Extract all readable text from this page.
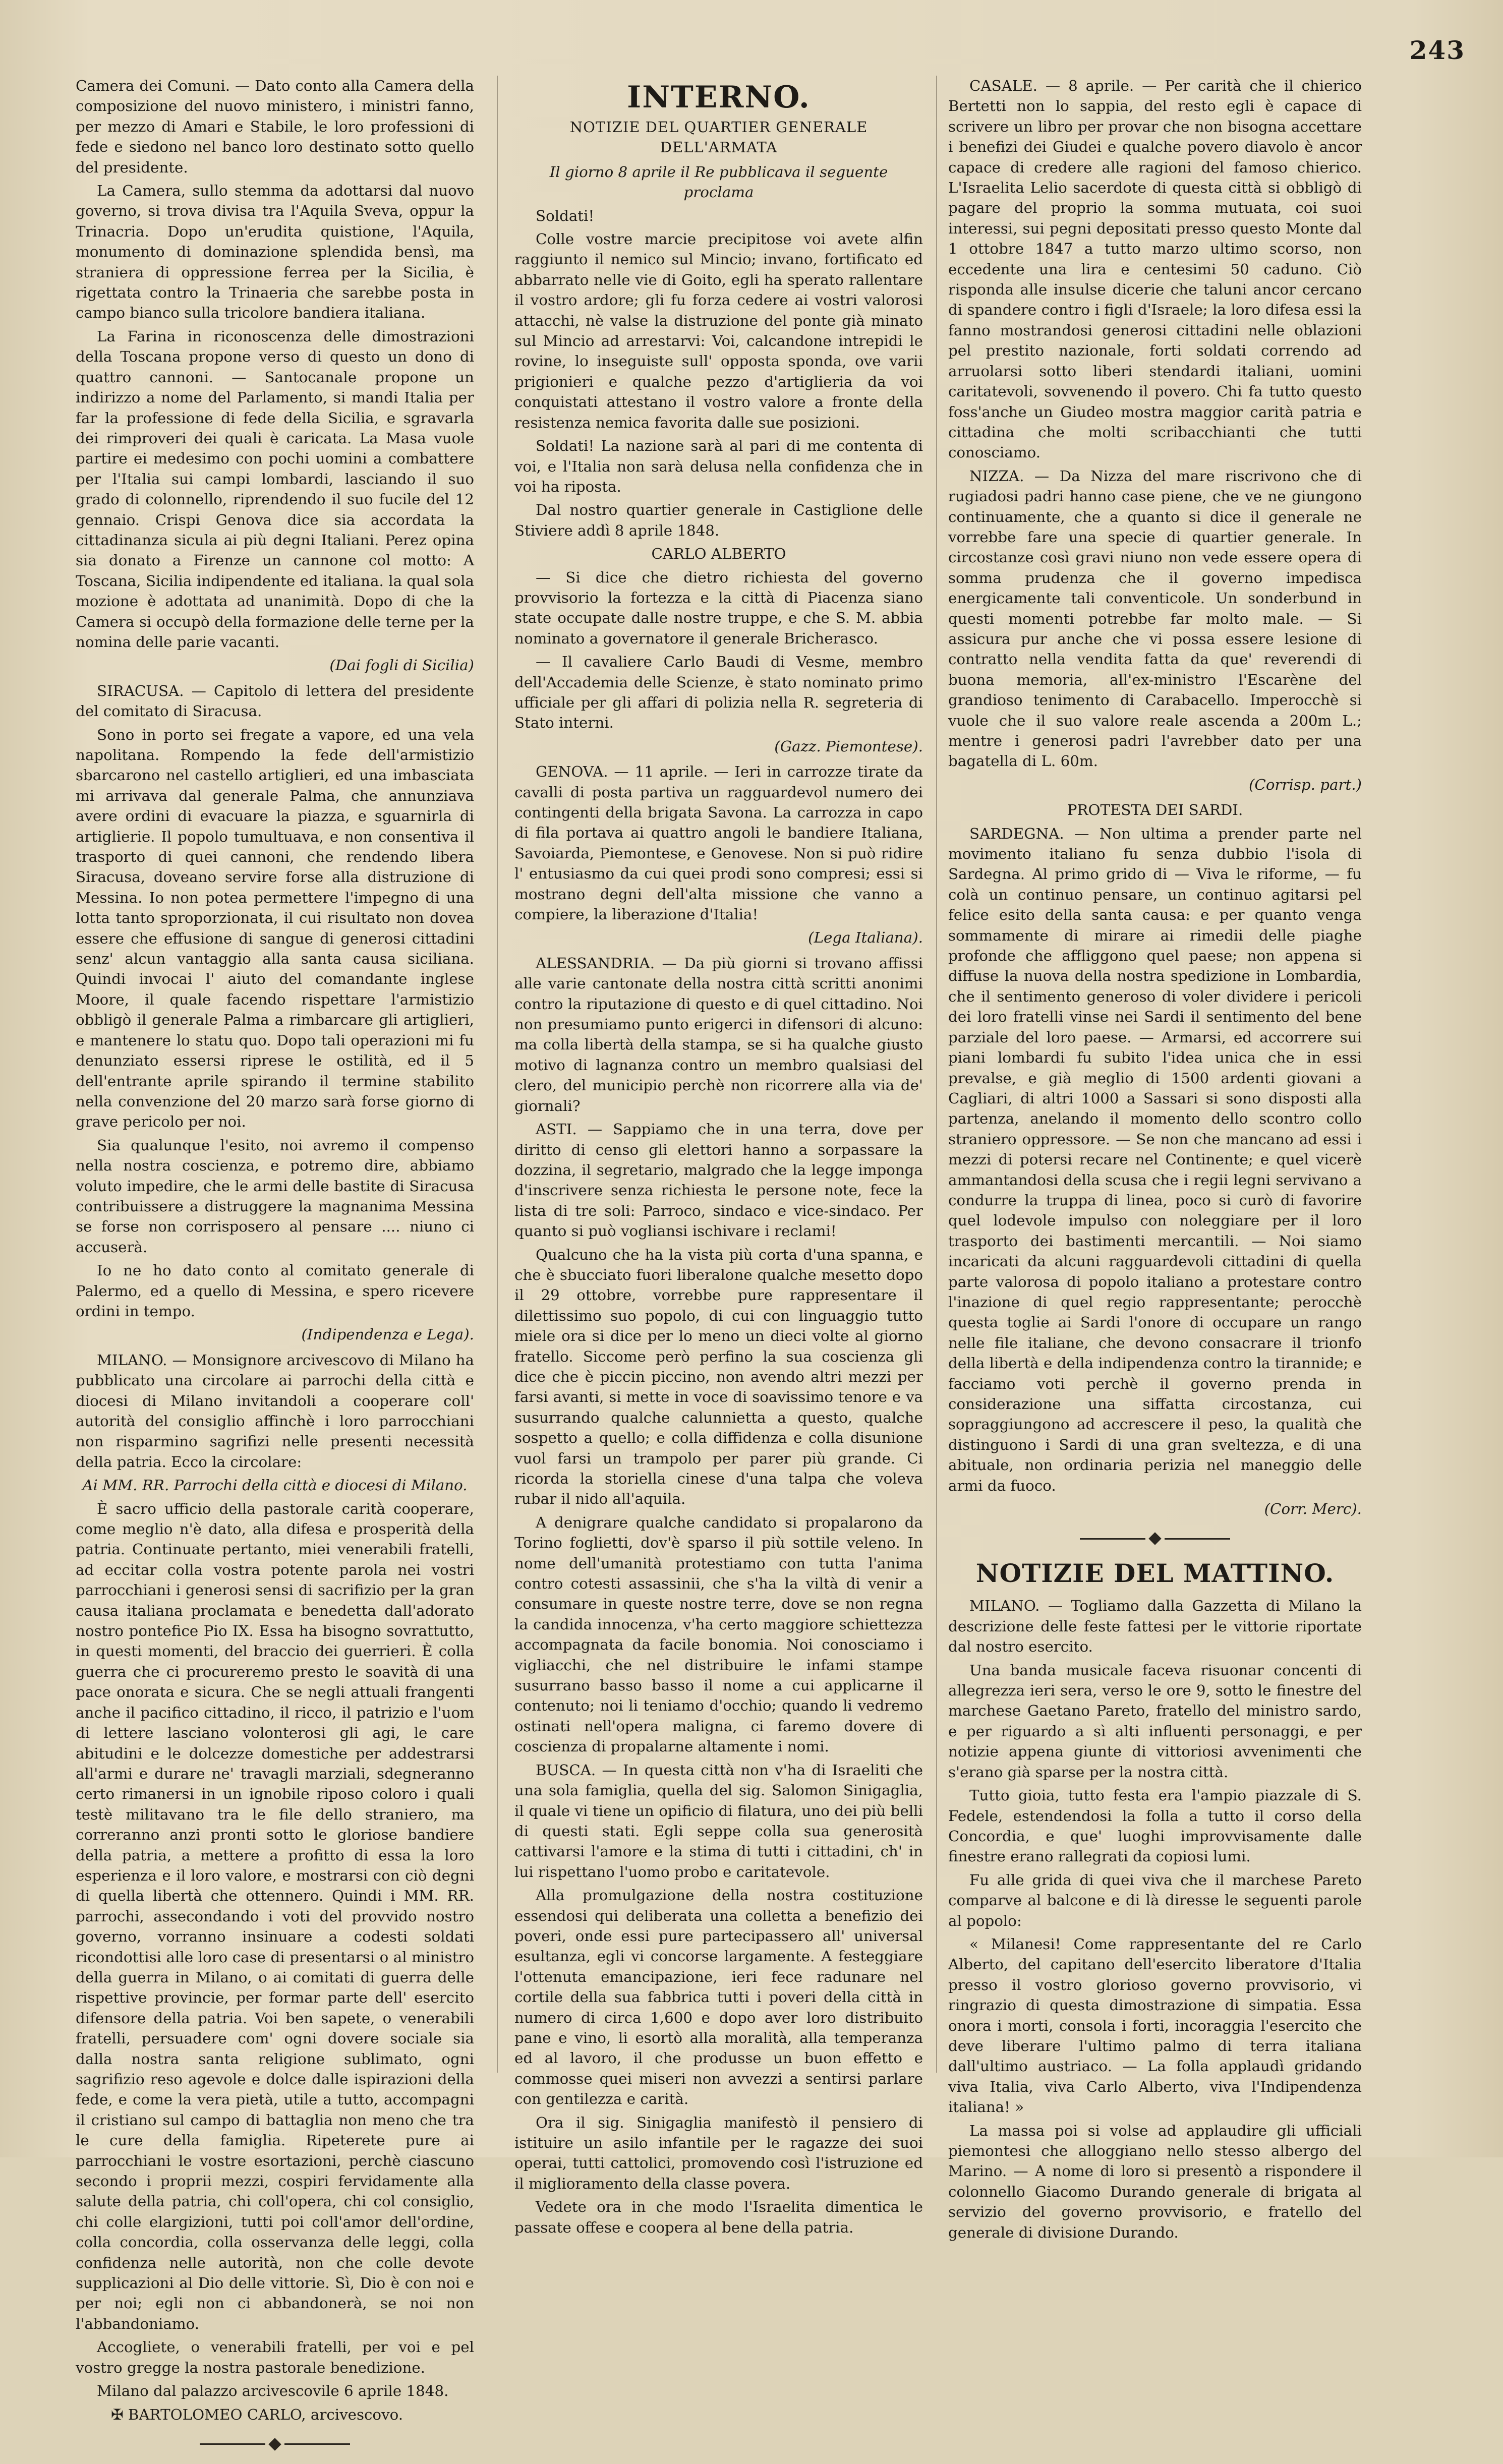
243

Camera dei Comuni. — Dato conto alla Camera della composizione del nuovo ministero, i ministri fanno, per mezzo di Amari e Stabile, le loro professioni di fede e siedono nel banco loro destinato sotto quello del presidente.

La Camera, sullo stemma da adottarsi dal nuovo governo, si trova divisa tra l'Aquila Sveva, oppur la Trinacria. Dopo un'erudita quistione, l'Aquila, monumento di dominazione splendida bensì, ma straniera di oppressione ferrea per la Sicilia, è rigettata contro la Trinaeria che sarebbe posta in campo bianco sulla tricolore bandiera italiana.

La Farina in riconoscenza delle dimostrazioni della Toscana propone verso di questo un dono di quattro cannoni. — Santocanale propone un indirizzo a nome del Parlamento, si mandi Italia per far la professione di fede della Sicilia, e sgravarla dei rimproveri dei quali è caricata. La Masa vuole partire ei medesimo con pochi uomini a combattere per l'Italia sui campi lombardi, lasciando il suo grado di colonnello, riprendendo il suo fucile del 12 gennaio. Crispi Genova dice sia accordata la cittadinanza sicula ai più degni Italiani. Perez opina sia donato a Firenze un cannone col motto: A Toscana, Sicilia indipendente ed italiana. la qual sola mozione è adottata ad unanimità. Dopo di che la Camera si occupò della formazione delle terne per la nomina delle parie vacanti.

(Dai fogli di Sicilia)

SIRACUSA. — Capitolo di lettera del presidente del comitato di Siracusa.

Sono in porto sei fregate a vapore, ed una vela napolitana. Rompendo la fede dell'armistizio sbarcarono nel castello artiglieri, ed una imbasciata mi arrivava dal generale Palma, che annunziava avere ordini di evacuare la piazza, e sguarnirla di artiglierie. Il popolo tumultuava, e non consentiva il trasporto di quei cannoni, che rendendo libera Siracusa, doveano servire forse alla distruzione di Messina. Io non potea permettere l'impegno di una lotta tanto sproporzionata, il cui risultato non dovea essere che effusione di sangue di generosi cittadini senz' alcun vantaggio alla santa causa siciliana. Quindi invocai l' aiuto del comandante inglese Moore, il quale facendo rispettare l'armistizio obbligò il generale Palma a rimbarcare gli artiglieri, e mantenere lo statu quo. Dopo tali operazioni mi fu denunziato essersi riprese le ostilità, ed il 5 dell'entrante aprile spirando il termine stabilito nella convenzione del 20 marzo sarà forse giorno di grave pericolo per noi.

Sia qualunque l'esito, noi avremo il compenso nella nostra coscienza, e potremo dire, abbiamo voluto impedire, che le armi delle bastite di Siracusa contribuissere a distruggere la magnanima Messina se forse non corrisposero al pensare .... niuno ci accuserà.

Io ne ho dato conto al comitato generale di Palermo, ed a quello di Messina, e spero ricevere ordini in tempo.

(Indipendenza e Lega).

MILANO. — Monsignore arcivescovo di Milano ha pubblicato una circolare ai parrochi della città e diocesi di Milano invitandoli a cooperare coll' autorità del consiglio affinchè i loro parrocchiani non risparmino sagrifizi nelle presenti necessità della patria. Ecco la circolare:

Ai MM. RR. Parrochi della città e diocesi di Milano.

È sacro ufficio della pastorale carità cooperare, come meglio n'è dato, alla difesa e prosperità della patria. Continuate pertanto, miei venerabili fratelli, ad eccitar colla vostra potente parola nei vostri parrocchiani i generosi sensi di sacrifizio per la gran causa italiana proclamata e benedetta dall'adorato nostro pontefice Pio IX. Essa ha bisogno sovrattutto, in questi momenti, del braccio dei guerrieri. È colla guerra che ci procureremo presto le soavità di una pace onorata e sicura. Che se negli attuali frangenti anche il pacifico cittadino, il ricco, il patrizio e l'uom di lettere lasciano volonterosi gli agi, le care abitudini e le dolcezze domestiche per addestrarsi all'armi e durare ne' travagli marziali, sdegneranno certo rimanersi in un ignobile riposo coloro i quali testè militavano tra le file dello straniero, ma correranno anzi pronti sotto le gloriose bandiere della patria, a mettere a profitto di essa la loro esperienza e il loro valore, e mostrarsi con ciò degni di quella libertà che ottennero. Quindi i MM. RR. parrochi, assecondando i voti del provvido nostro governo, vorranno insinuare a codesti soldati ricondottisi alle loro case di presentarsi o al ministro della guerra in Milano, o ai comitati di guerra delle rispettive provincie, per formar parte dell' esercito difensore della patria. Voi ben sapete, o venerabili fratelli, persuadere com' ogni dovere sociale sia dalla nostra santa religione sublimato, ogni sagrifizio reso agevole e dolce dalle ispirazioni della fede, e come la vera pietà, utile a tutto, accompagni il cristiano sul campo di battaglia non meno che tra le cure della famiglia. Ripeterete pure ai parrocchiani le vostre esortazioni, perchè ciascuno secondo i proprii mezzi, cospiri fervidamente alla salute della patria, chi coll'opera, chi col consiglio, chi colle elargizioni, tutti poi coll'amor dell'ordine, colla concordia, colla osservanza delle leggi, colla confidenza nelle autorità, non che colle devote supplicazioni al Dio delle vittorie. Sì, Dio è con noi e per noi; egli non ci abbandonerà, se noi non l'abbandoniamo.

Accogliete, o venerabili fratelli, per voi e pel vostro gregge la nostra pastorale benedizione.

Milano dal palazzo arcivescovile 6 aprile 1848.

✠ BARTOLOMEO CARLO, arcivescovo.

INTERNO.
NOTIZIE DEL QUARTIER GENERALE DELL'ARMATA

Il giorno 8 aprile il Re pubblicava il seguente proclama

Soldati!

Colle vostre marcie precipitose voi avete alfin raggiunto il nemico sul Mincio; invano, fortificato ed abbarrato nelle vie di Goito, egli ha sperato rallentare il vostro ardore; gli fu forza cedere ai vostri valorosi attacchi, nè valse la distruzione del ponte già minato sul Mincio ad arrestarvi: Voi, calcandone intrepidi le rovine, lo inseguiste sull' opposta sponda, ove varii prigionieri e qualche pezzo d'artiglieria da voi conquistati attestano il vostro valore a fronte della resistenza nemica favorita dalle sue posizioni.

Soldati! La nazione sarà al pari di me contenta di voi, e l'Italia non sarà delusa nella confidenza che in voi ha riposta.

Dal nostro quartier generale in Castiglione delle Stiviere addì 8 aprile 1848.

CARLO ALBERTO

— Si dice che dietro richiesta del governo provvisorio la fortezza e la città di Piacenza siano state occupate dalle nostre truppe, e che S. M. abbia nominato a governatore il generale Bricherasco.

— Il cavaliere Carlo Baudi di Vesme, membro dell'Accademia delle Scienze, è stato nominato primo ufficiale per gli affari di polizia nella R. segreteria di Stato interni.

(Gazz. Piemontese).

GENOVA. — 11 aprile. — Ieri in carrozze tirate da cavalli di posta partiva un ragguardevol numero dei contingenti della brigata Savona. La carrozza in capo di fila portava ai quattro angoli le bandiere Italiana, Savoiarda, Piemontese, e Genovese. Non si può ridire l' entusiasmo da cui quei prodi sono compresi; essi si mostrano degni dell'alta missione che vanno a compiere, la liberazione d'Italia!

(Lega Italiana).

ALESSANDRIA. — Da più giorni si trovano affissi alle varie cantonate della nostra città scritti anonimi contro la riputazione di questo e di quel cittadino. Noi non presumiamo punto erigerci in difensori di alcuno: ma colla libertà della stampa, se si ha qualche giusto motivo di lagnanza contro un membro qualsiasi del clero, del municipio perchè non ricorrere alla via de' giornali?

ASTI. — Sappiamo che in una terra, dove per diritto di censo gli elettori hanno a sorpassare la dozzina, il segretario, malgrado che la legge imponga d'inscrivere senza richiesta le persone note, fece la lista di tre soli: Parroco, sindaco e vice-sindaco. Per quanto si può vogliansi ischivare i reclami!

Qualcuno che ha la vista più corta d'una spanna, e che è sbucciato fuori liberalone qualche mesetto dopo il 29 ottobre, vorrebbe pure rappresentare il dilettissimo suo popolo, di cui con linguaggio tutto miele ora si dice per lo meno un dieci volte al giorno fratello. Siccome però perfino la sua coscienza gli dice che è piccin piccino, non avendo altri mezzi per farsi avanti, si mette in voce di soavissimo tenore e va susurrando qualche calunnietta a questo, qualche sospetto a quello; e colla diffidenza e colla disunione vuol farsi un trampolo per parer più grande. Ci ricorda la storiella cinese d'una talpa che voleva rubar il nido all'aquila.

A denigrare qualche candidato si propalarono da Torino foglietti, dov'è sparso il più sottile veleno. In nome dell'umanità protestiamo con tutta l'anima contro cotesti assassinii, che s'ha la viltà di venir a consumare in queste nostre terre, dove se non regna la candida innocenza, v'ha certo maggiore schiettezza accompagnata da facile bonomia. Noi conosciamo i vigliacchi, che nel distribuire le infami stampe susurrano basso basso il nome a cui applicarne il contenuto; noi li teniamo d'occhio; quando li vedremo ostinati nell'opera maligna, ci faremo dovere di coscienza di propalarne altamente i nomi.

BUSCA. — In questa città non v'ha di Israeliti che una sola famiglia, quella del sig. Salomon Sinigaglia, il quale vi tiene un opificio di filatura, uno dei più belli di questi stati. Egli seppe colla sua generosità cattivarsi l'amore e la stima di tutti i cittadini, ch' in lui rispettano l'uomo probo e caritatevole.

Alla promulgazione della nostra costituzione essendosi qui deliberata una colletta a benefizio dei poveri, onde essi pure partecipassero all' universal esultanza, egli vi concorse largamente. A festeggiare l'ottenuta emancipazione, ieri fece radunare nel cortile della sua fabbrica tutti i poveri della città in numero di circa 1,600 e dopo aver loro distribuito pane e vino, li esortò alla moralità, alla temperanza ed al lavoro, il che produsse un buon effetto e commosse quei miseri non avvezzi a sentirsi parlare con gentilezza e carità.

Ora il sig. Sinigaglia manifestò il pensiero di istituire un asilo infantile per le ragazze dei suoi operai, tutti cattolici, promovendo così l'istruzione ed il miglioramento della classe povera.

Vedete ora in che modo l'Israelita dimentica le passate offese e coopera al bene della patria.

CASALE. — 8 aprile. — Per carità che il chierico Bertetti non lo sappia, del resto egli è capace di scrivere un libro per provar che non bisogna accettare i benefizi dei Giudei e qualche povero diavolo è ancor capace di credere alle ragioni del famoso chierico. L'Israelita Lelio sacerdote di questa città si obbligò di pagare del proprio la somma mutuata, coi suoi interessi, sui pegni depositati presso questo Monte dal 1 ottobre 1847 a tutto marzo ultimo scorso, non eccedente una lira e centesimi 50 caduno. Ciò risponda alle insulse dicerie che taluni ancor cercano di spandere contro i figli d'Israele; la loro difesa essi la fanno mostrandosi generosi cittadini nelle oblazioni pel prestito nazionale, forti soldati correndo ad arruolarsi sotto liberi stendardi italiani, uomini caritatevoli, sovvenendo il povero. Chi fa tutto questo foss'anche un Giudeo mostra maggior carità patria e cittadina che molti scribacchianti che tutti conosciamo.

NIZZA. — Da Nizza del mare riscrivono che di rugiadosi padri hanno case piene, che ve ne giungono continuamente, che a quanto si dice il generale ne vorrebbe fare una specie di quartier generale. In circostanze così gravi niuno non vede essere opera di somma prudenza che il governo impedisca energicamente tali conventicole. Un sonderbund in questi momenti potrebbe far molto male. — Si assicura pur anche che vi possa essere lesione di contratto nella vendita fatta da que' reverendi di buona memoria, all'ex-ministro l'Escarène del grandioso tenimento di Carabacello. Imperocchè si vuole che il suo valore reale ascenda a 200m L.; mentre i generosi padri l'avrebber dato per una bagatella di L. 60m.

(Corrisp. part.)

PROTESTA DEI SARDI.

SARDEGNA. — Non ultima a prender parte nel movimento italiano fu senza dubbio l'isola di Sardegna. Al primo grido di — Viva le riforme, — fu colà un continuo pensare, un continuo agitarsi pel felice esito della santa causa: e per quanto venga sommamente di mirare ai rimedii delle piaghe profonde che affliggono quel paese; non appena si diffuse la nuova della nostra spedizione in Lombardia, che il sentimento generoso di voler dividere i pericoli dei loro fratelli vinse nei Sardi il sentimento del bene parziale del loro paese. — Armarsi, ed accorrere sui piani lombardi fu subito l'idea unica che in essi prevalse, e già meglio di 1500 ardenti giovani a Cagliari, di altri 1000 a Sassari si sono disposti alla partenza, anelando il momento dello scontro collo straniero oppressore. — Se non che mancano ad essi i mezzi di potersi recare nel Continente; e quel vicerè ammantandosi della scusa che i regii legni servivano a condurre la truppa di linea, poco si curò di favorire quel lodevole impulso con noleggiare per il loro trasporto dei bastimenti mercantili. — Noi siamo incaricati da alcuni ragguardevoli cittadini di quella parte valorosa di popolo italiano a protestare contro l'inazione di quel regio rappresentante; perocchè questa toglie ai Sardi l'onore di occupare un rango nelle file italiane, che devono consacrare il trionfo della libertà e della indipendenza contro la tirannide; e facciamo voti perchè il governo prenda in considerazione una siffatta circostanza, cui sopraggiungono ad accrescere il peso, la qualità che distinguono i Sardi di una gran sveltezza, e di una abituale, non ordinaria perizia nel maneggio delle armi da fuoco.

(Corr. Merc).

NOTIZIE DEL MATTINO.

MILANO. — Togliamo dalla Gazzetta di Milano la descrizione delle feste fattesi per le vittorie riportate dal nostro esercito.

Una banda musicale faceva risuonar concenti di allegrezza ieri sera, verso le ore 9, sotto le finestre del marchese Gaetano Pareto, fratello del ministro sardo, e per riguardo a sì alti influenti personaggi, e per notizie appena giunte di vittoriosi avvenimenti che s'erano già sparse per la nostra città.

Tutto gioia, tutto festa era l'ampio piazzale di S. Fedele, estendendosi la folla a tutto il corso della Concordia, e que' luoghi improvvisamente dalle finestre erano rallegrati da copiosi lumi.

Fu alle grida di quei viva che il marchese Pareto comparve al balcone e di là diresse le seguenti parole al popolo:

« Milanesi! Come rappresentante del re Carlo Alberto, del capitano dell'esercito liberatore d'Italia presso il vostro glorioso governo provvisorio, vi ringrazio di questa dimostrazione di simpatia. Essa onora i morti, consola i forti, incoraggia l'esercito che deve liberare l'ultimo palmo di terra italiana dall'ultimo austriaco. — La folla applaudì gridando viva Italia, viva Carlo Alberto, viva l'Indipendenza italiana! »

La massa poi si volse ad applaudire gli ufficiali piemontesi che alloggiano nello stesso albergo del Marino. — A nome di loro si presentò a rispondere il colonnello Giacomo Durando generale di brigata al servizio del governo provvisorio, e fratello del generale di divisione Durando.
